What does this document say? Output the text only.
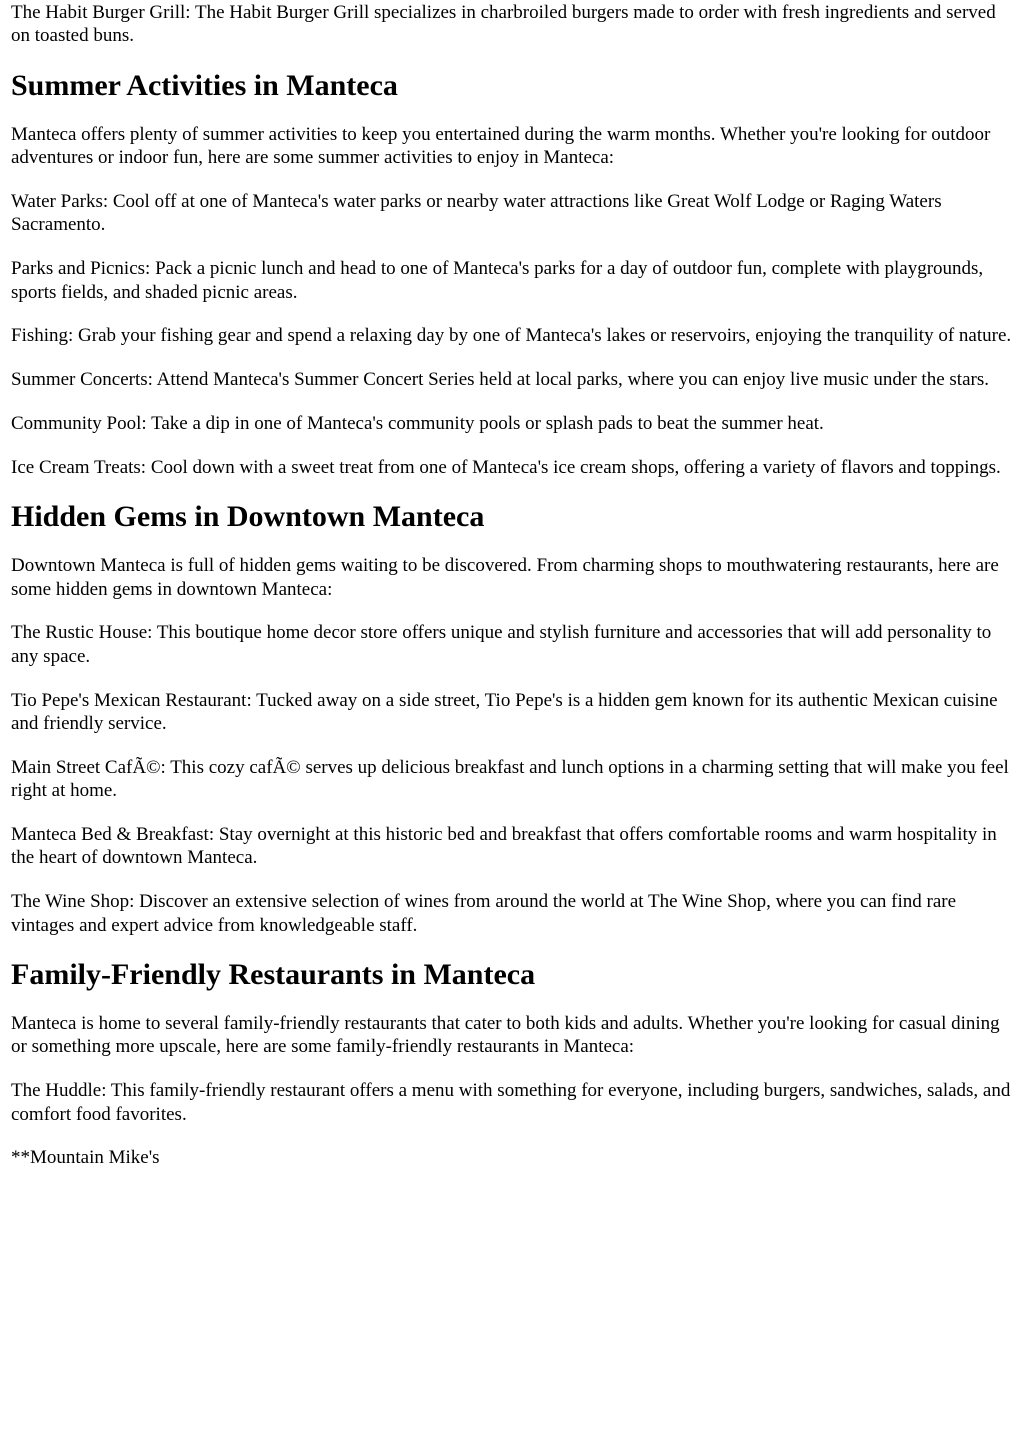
The Habit Burger Grill: The Habit Burger Grill specializes in charbroiled burgers made to order with fresh ingredients and served on toasted buns.

Summer Activities in Manteca

Manteca offers plenty of summer activities to keep you entertained during the warm months. Whether you're looking for outdoor adventures or indoor fun, here are some summer activities to enjoy in Manteca:

Water Parks: Cool off at one of Manteca's water parks or nearby water attractions like Great Wolf Lodge or Raging Waters Sacramento.

Parks and Picnics: Pack a picnic lunch and head to one of Manteca's parks for a day of outdoor fun, complete with playgrounds, sports fields, and shaded picnic areas.

Fishing: Grab your fishing gear and spend a relaxing day by one of Manteca's lakes or reservoirs, enjoying the tranquility of nature.

Summer Concerts: Attend Manteca's Summer Concert Series held at local parks, where you can enjoy live music under the stars.

Community Pool: Take a dip in one of Manteca's community pools or splash pads to beat the summer heat.

Ice Cream Treats: Cool down with a sweet treat from one of Manteca's ice cream shops, offering a variety of flavors and toppings.

Hidden Gems in Downtown Manteca

Downtown Manteca is full of hidden gems waiting to be discovered. From charming shops to mouthwatering restaurants, here are some hidden gems in downtown Manteca:

The Rustic House: This boutique home decor store offers unique and stylish furniture and accessories that will add personality to any space.

Tio Pepe's Mexican Restaurant: Tucked away on a side street, Tio Pepe's is a hidden gem known for its authentic Mexican cuisine and friendly service.

Main Street CafÃ©: This cozy cafÃ© serves up delicious breakfast and lunch options in a charming setting that will make you feel right at home.

Manteca Bed & Breakfast: Stay overnight at this historic bed and breakfast that offers comfortable rooms and warm hospitality in the heart of downtown Manteca.

The Wine Shop: Discover an extensive selection of wines from around the world at The Wine Shop, where you can find rare vintages and expert advice from knowledgeable staff.

Family-Friendly Restaurants in Manteca

Manteca is home to several family-friendly restaurants that cater to both kids and adults. Whether you're looking for casual dining or something more upscale, here are some family-friendly restaurants in Manteca:

The Huddle: This family-friendly restaurant offers a menu with something for everyone, including burgers, sandwiches, salads, and comfort food favorites.

**Mountain Mike's
